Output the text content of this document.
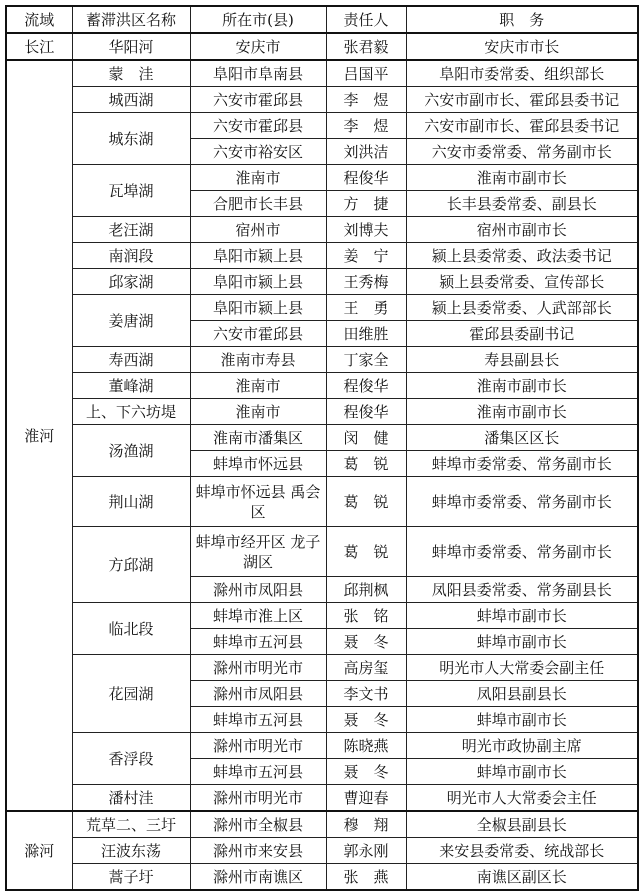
流域	蓄滞洪区名称	所在市(县)	责任人	职　务
长江	华阳河	安庆市	张君毅	安庆市市长
淮河	蒙　洼	阜阳市阜南县	吕国平	阜阳市委常委、组织部长
	城西湖	六安市霍邱县	李　煜	六安市副市长、霍邱县委书记
	城东湖	六安市霍邱县	李　煜	六安市副市长、霍邱县委书记
		六安市裕安区	刘洪洁	六安市委常委、常务副市长
	瓦埠湖	淮南市	程俊华	淮南市副市长
		合肥市长丰县	方　捷	长丰县委常委、副县长
	老汪湖	宿州市	刘博夫	宿州市副市长
	南润段	阜阳市颍上县	姜　宁	颍上县委常委、政法委书记
	邱家湖	阜阳市颍上县	王秀梅	颍上县委常委、宣传部长
	姜唐湖	阜阳市颍上县	王　勇	颍上县委常委、人武部部长
		六安市霍邱县	田维胜	霍邱县委副书记
	寿西湖	淮南市寿县	丁家全	寿县副县长
	董峰湖	淮南市	程俊华	淮南市副市长
	上、下六坊堤	淮南市	程俊华	淮南市副市长
	汤渔湖	淮南市潘集区	闵　健	潘集区区长
		蚌埠市怀远县	葛　锐	蚌埠市委常委、常务副市长
	荆山湖	蚌埠市怀远县 禹会区	葛　锐	蚌埠市委常委、常务副市长
	方邱湖	蚌埠市经开区 龙子湖区	葛　锐	蚌埠市委常委、常务副市长
		滁州市凤阳县	邱荆枫	凤阳县委常委、常务副县长
	临北段	蚌埠市淮上区	张　铭	蚌埠市副市长
		蚌埠市五河县	聂　冬	蚌埠市副市长
	花园湖	滁州市明光市	高房玺	明光市人大常委会副主任
		滁州市凤阳县	李文书	凤阳县副县长
		蚌埠市五河县	聂　冬	蚌埠市副市长
	香浮段	滁州市明光市	陈晓燕	明光市政协副主席
		蚌埠市五河县	聂　冬	蚌埠市副市长
	潘村洼	滁州市明光市	曹迎春	明光市人大常委会主任
滁河	荒草二、三圩	滁州市全椒县	穆　翔	全椒县副县长
	汪波东荡	滁州市来安县	郭永刚	来安县委常委、统战部长
	蒿子圩	滁州市南谯区	张　燕	南谯区副区长
